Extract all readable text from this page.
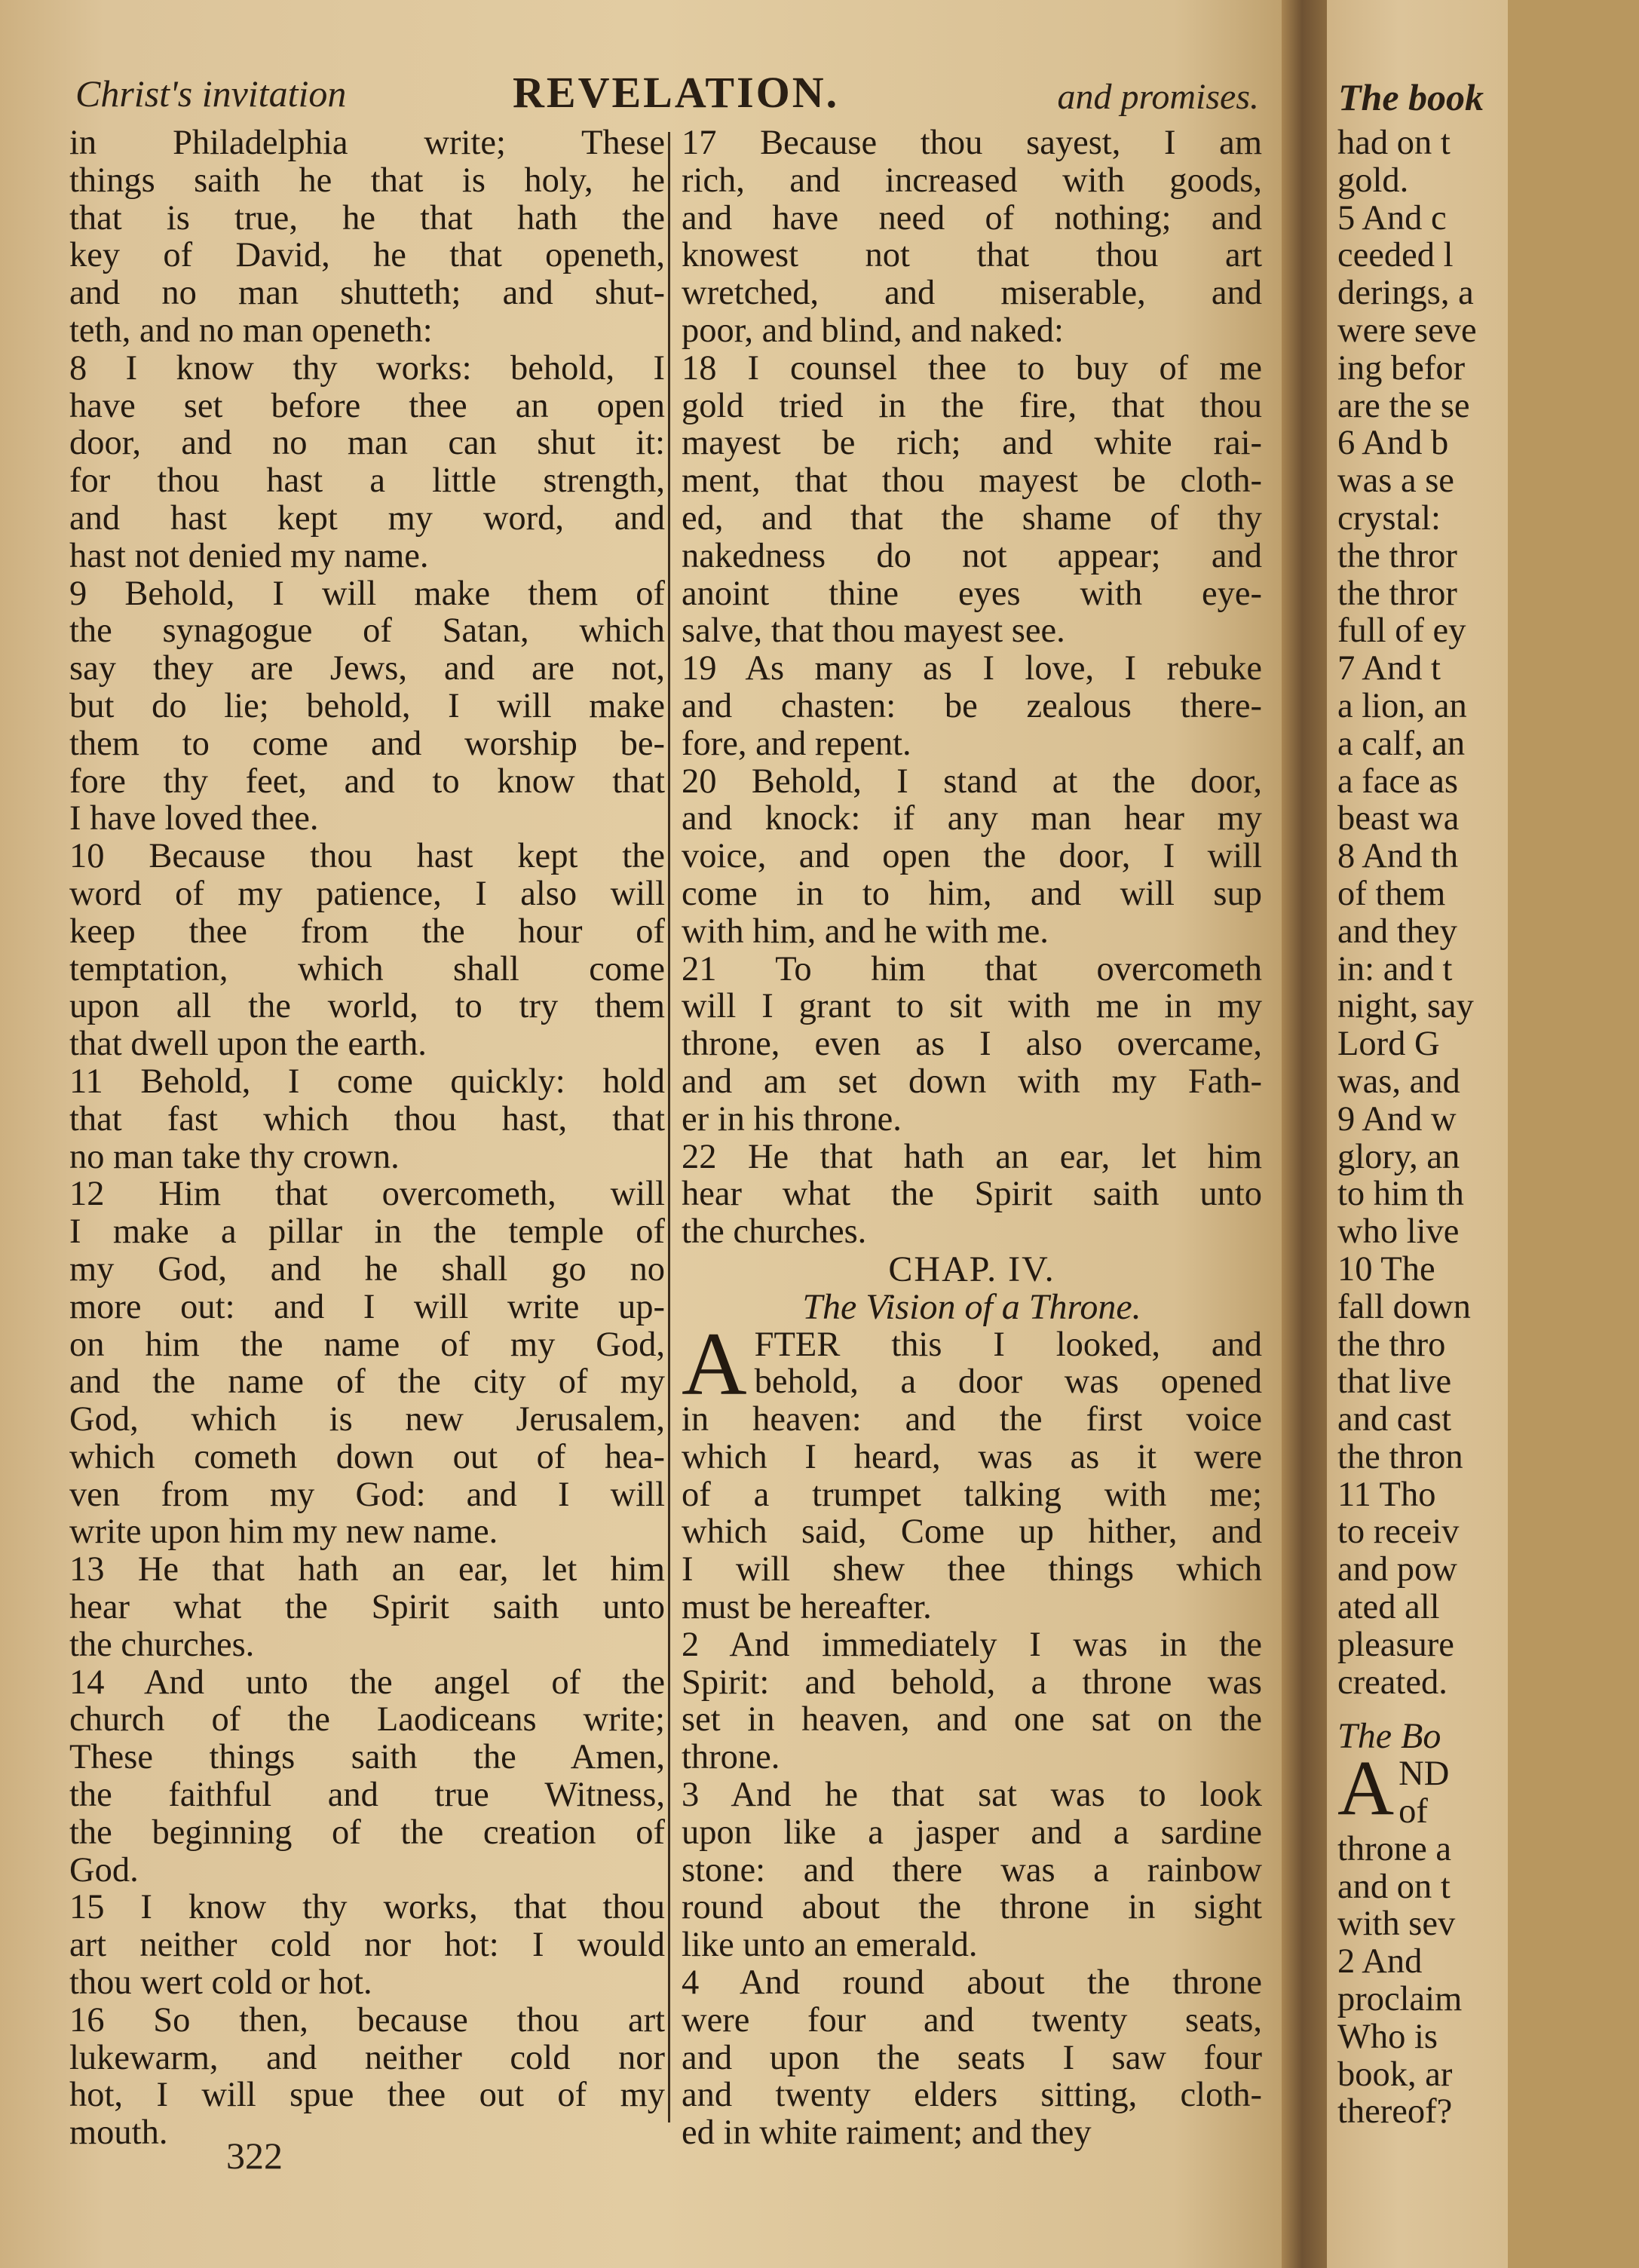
Christ's invitation	REVELATION.	and promises.
in Philadelphia write; These
things saith he that is holy, he
that is true, he that hath the
key of David, he that openeth,
and no man shutteth; and shut-
teth, and no man openeth:
8 I know thy works: behold, I
have set before thee an open
door, and no man can shut it:
for thou hast a little strength,
and hast kept my word, and
hast not denied my name.
9 Behold, I will make them of
the synagogue of Satan, which
say they are Jews, and are not,
but do lie; behold, I will make
them to come and worship be-
fore thy feet, and to know that
I have loved thee.
10 Because thou hast kept the
word of my patience, I also will
keep thee from the hour of
temptation, which shall come
upon all the world, to try them
that dwell upon the earth.
11 Behold, I come quickly: hold
that fast which thou hast, that
no man take thy crown.
12 Him that overcometh, will
I make a pillar in the temple of
my God, and he shall go no
more out: and I will write up-
on him the name of my God,
and the name of the city of my
God, which is new Jerusalem,
which cometh down out of hea-
ven from my God: and I will
write upon him my new name.
13 He that hath an ear, let him
hear what the Spirit saith unto
the churches.
14 And unto the angel of the
church of the Laodiceans write;
These things saith the Amen,
the faithful and true Witness,
the beginning of the creation of
God.
15 I know thy works, that thou
art neither cold nor hot: I would
thou wert cold or hot.
16 So then, because thou art
lukewarm, and neither cold nor
hot, I will spue thee out of my
mouth.
17 Because thou sayest, I am
rich, and increased with goods,
and have need of nothing; and
knowest not that thou art
wretched, and miserable, and
poor, and blind, and naked:
18 I counsel thee to buy of me
gold tried in the fire, that thou
mayest be rich; and white rai-
ment, that thou mayest be cloth-
ed, and that the shame of thy
nakedness do not appear; and
anoint thine eyes with eye-
salve, that thou mayest see.
19 As many as I love, I rebuke
and chasten: be zealous there-
fore, and repent.
20 Behold, I stand at the door,
and knock: if any man hear my
voice, and open the door, I will
come in to him, and will sup
with him, and he with me.
21 To him that overcometh
will I grant to sit with me in my
throne, even as I also overcame,
and am set down with my Fath-
er in his throne.
22 He that hath an ear, let him
hear what the Spirit saith unto
the churches.
CHAP. IV.
The Vision of a Throne.
A FTER this I looked, and
behold, a door was opened
in heaven: and the first voice
which I heard, was as it were
of a trumpet talking with me;
which said, Come up hither, and
I will shew thee things which
must be hereafter.
2 And immediately I was in the
Spirit: and behold, a throne was
set in heaven, and one sat on the
throne.
3 And he that sat was to look
upon like a jasper and a sardine
stone: and there was a rainbow
round about the throne in sight
like unto an emerald.
4 And round about the throne
were four and twenty seats,
and upon the seats I saw four
and twenty elders sitting, cloth-
ed in white raiment; and they
322
The book
had on t
gold.
5 And c
ceeded l
derings, a
were seve
ing befor
are the se
6 And b
was a se
crystal:
the thror
the thror
full of ey
7 And t
a lion, an
a calf, an
a face as
beast wa
8 And th
of them
and they
in: and t
night, say
Lord G
was, and
9 And w
glory, an
to him th
who live
10 The
fall down
the thro
that live
and cast
the thron
11 Tho
to receiv
and pow
ated all
pleasure
created.
The Bo
A ND
of
throne a
and on t
with sev
2 And
proclaim
Who is
book, ar
thereof?
